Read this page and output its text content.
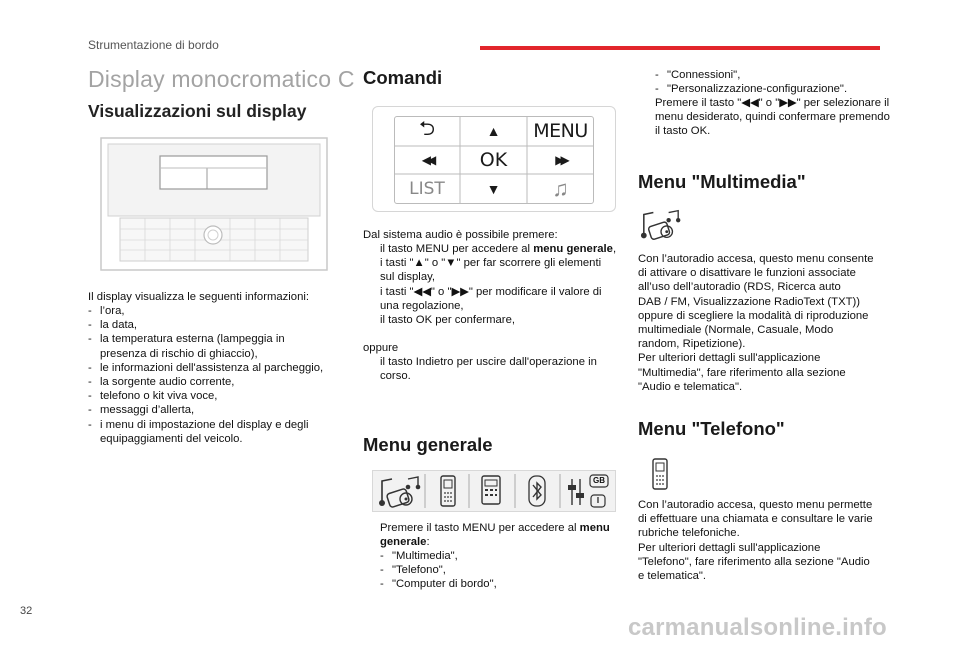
Strumentazione di bordo
Display monocromatico C
Visualizzazioni sul display
Il display visualizza le seguenti informazioni:
- l’ora,
- la data,
- la temperatura esterna (lampeggia in presenza di rischio di ghiaccio),
- le informazioni dell'assistenza al parcheggio,
- la sorgente audio corrente,
- telefono o kit viva voce,
- messaggi d’allerta,
- i menu di impostazione del display e degli equipaggiamenti del veicolo.
Comandi
⮌	▲	MENU
◀◀	OK	▶▶
LIST	▼	♫
Dal sistema audio è possibile premere:
il tasto MENU per accedere al menu generale,
i tasti "▲" o "▼" per far scorrere gli elementi sul display,
i tasti "◀◀" o "▶▶" per modificare il valore di una regolazione,
il tasto OK per confermare,
oppure
il tasto Indietro per uscire dall'operazione in corso.
Menu generale
GB
I
Premere il tasto MENU per accedere al menu generale:
- "Multimedia",
- "Telefono",
- "Computer di bordo",
- "Connessioni",
- "Personalizzazione-configurazione".
Premere il tasto "◀◀" o "▶▶" per selezionare il menu desiderato, quindi confermare premendo il tasto OK.
Menu "Multimedia"
Con l’autoradio accesa, questo menu consente
di attivare o disattivare le funzioni associate
all’uso dell’autoradio (RDS, Ricerca auto
DAB / FM, Visualizzazione RadioText (TXT))
oppure di scegliere la modalità di riproduzione
multimediale (Normale, Casuale, Modo
random, Ripetizione).
Per ulteriori dettagli sull'applicazione
"Multimedia", fare riferimento alla sezione
"Audio e telematica".
Menu "Telefono"
Con l’autoradio accesa, questo menu permette
di effettuare una chiamata e consultare le varie
rubriche telefoniche.
Per ulteriori dettagli sull'applicazione
"Telefono", fare riferimento alla sezione "Audio
e telematica".
32
carmanualsonline.info
